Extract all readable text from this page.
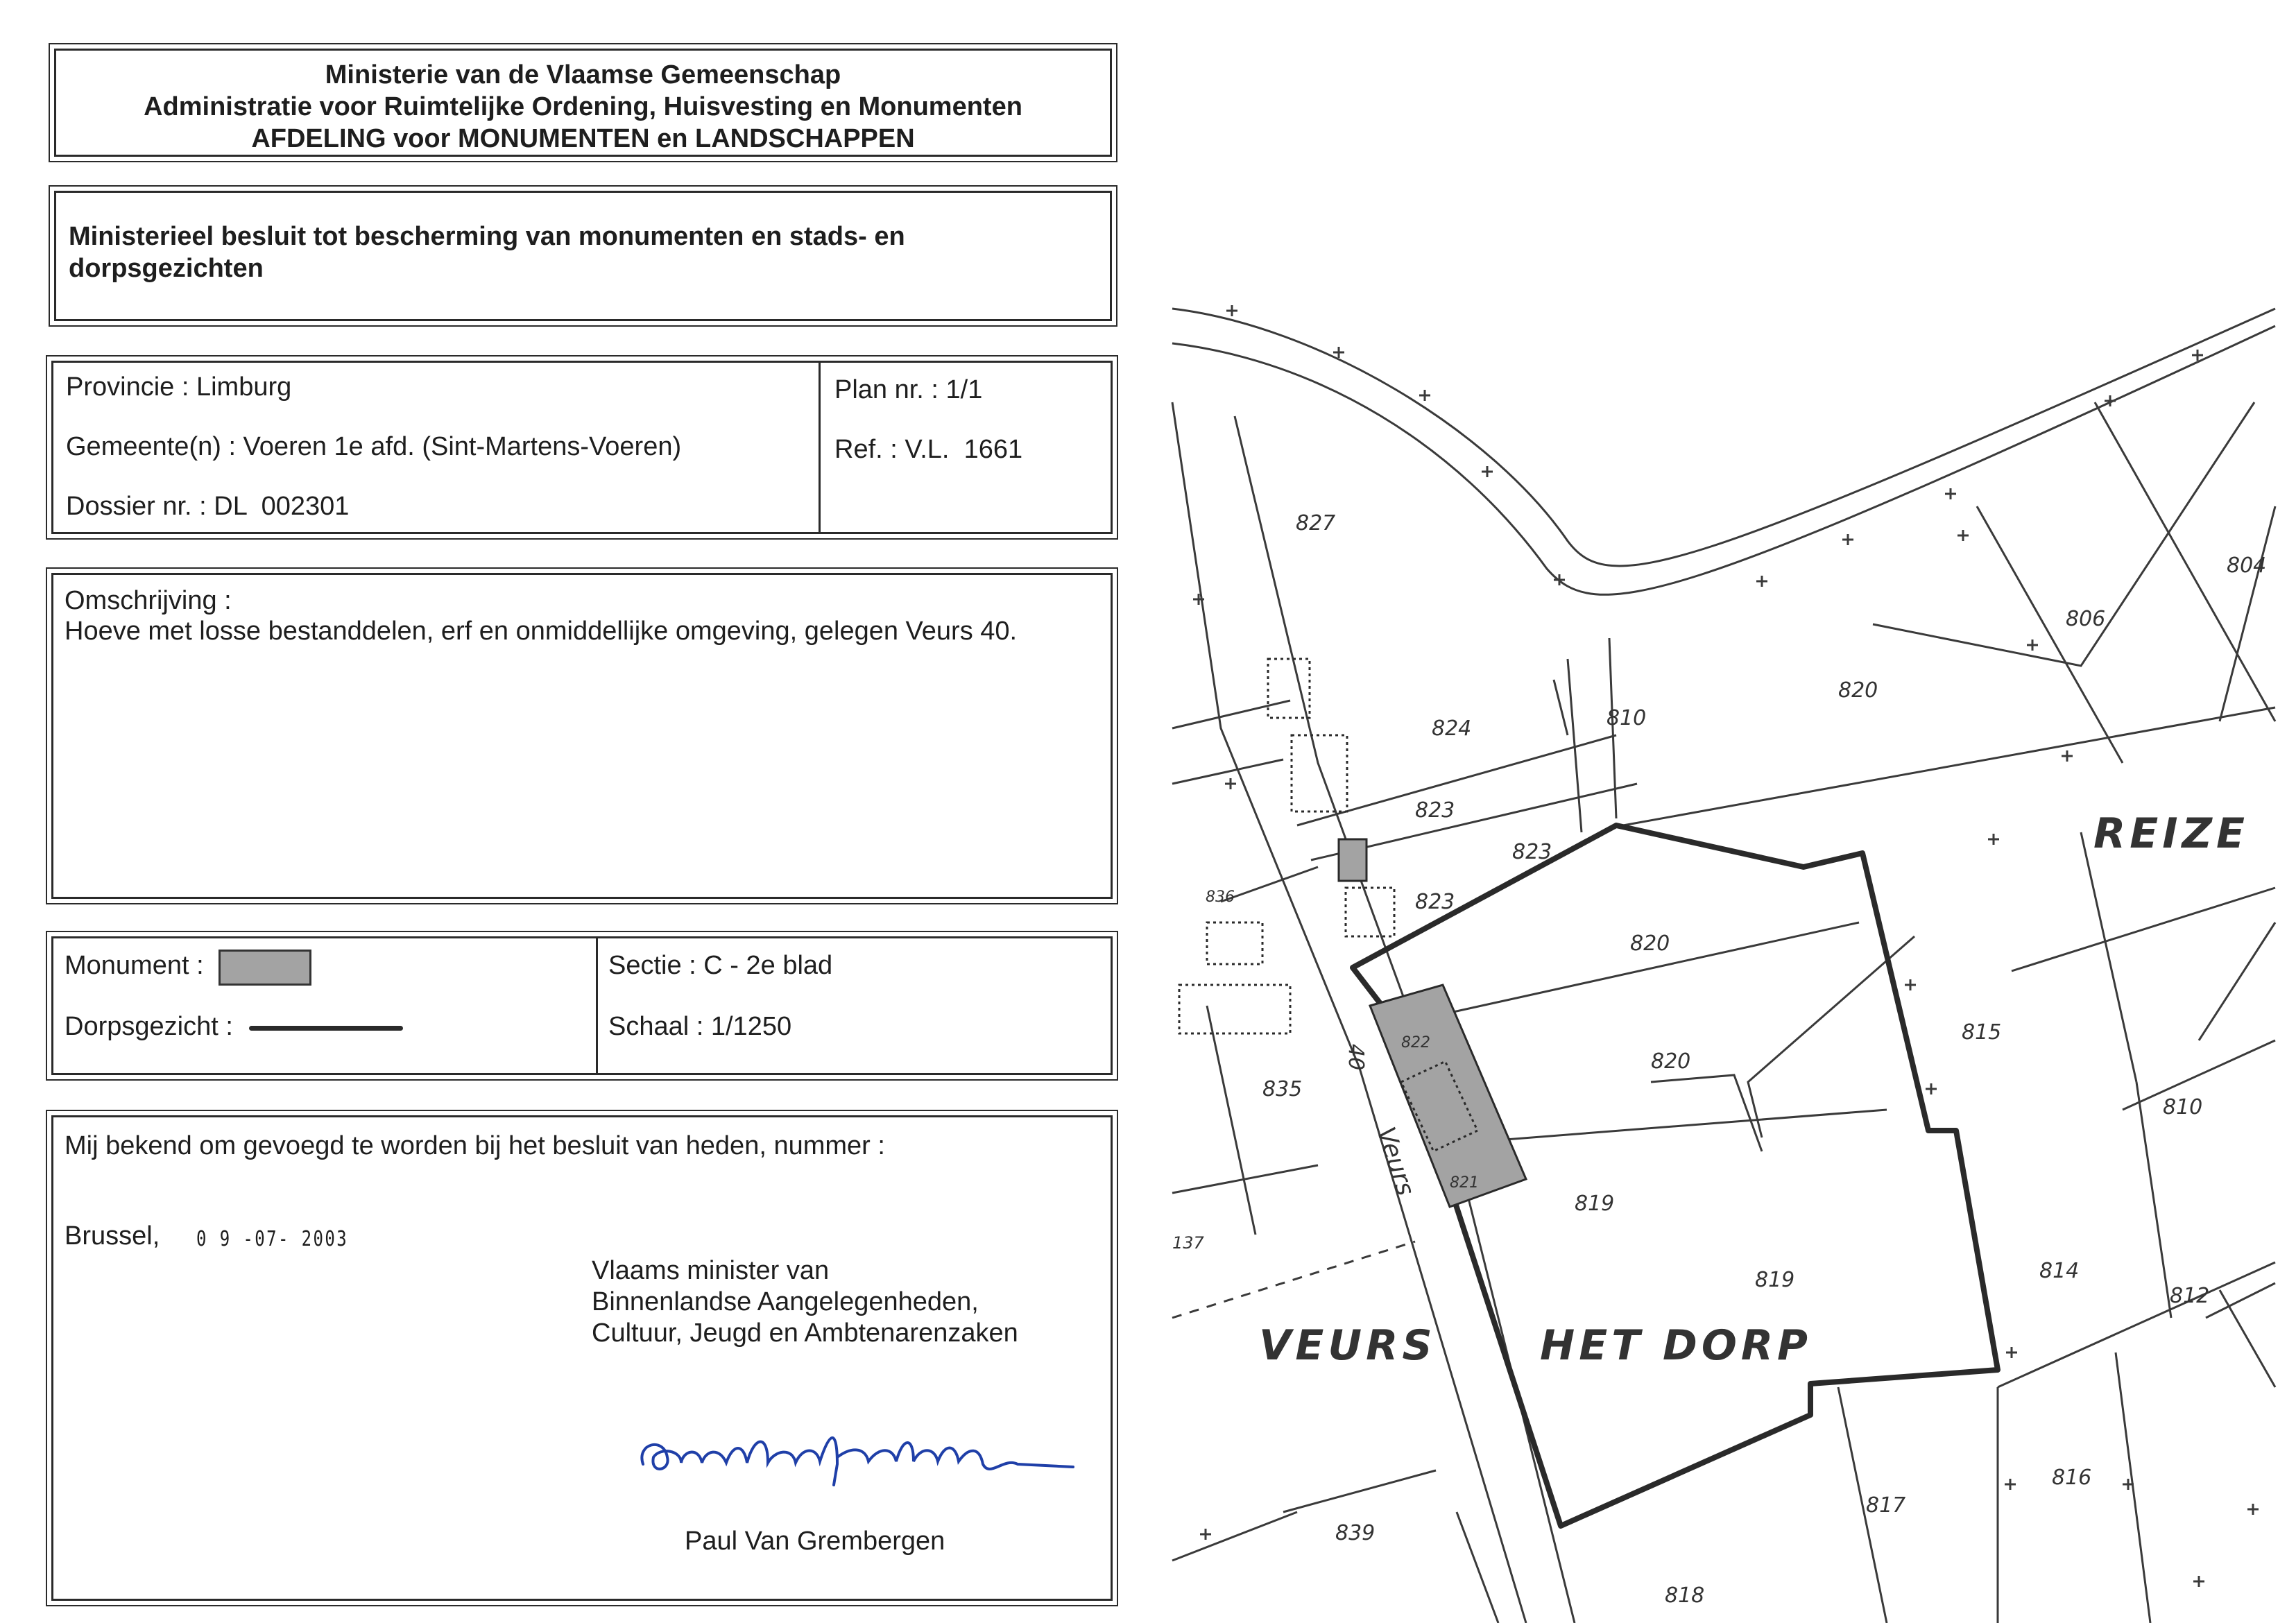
Ministerie van de Vlaamse Gemeenschap
Administratie voor Ruimtelijke Ordening, Huisvesting en Monumenten
AFDELING voor MONUMENTEN en LANDSCHAPPEN
Ministerieel besluit tot bescherming van monumenten en stads- en dorpsgezichten
Provincie : Limburg
Gemeente(n) : Voeren 1e afd. (Sint-Martens-Voeren)
Dossier nr. : DL  002301
Plan nr. : 1/1
Ref. : V.L.  1661
Omschrijving :
Hoeve met losse bestanddelen, erf en onmiddellijke omgeving, gelegen Veurs 40.
Monument :
Dorpsgezicht :
Sectie : C - 2e blad
Schaal : 1/1250
Mij bekend om gevoegd te worden bij het besluit van heden, nummer :
Brussel, 0 9 -07- 2003
Vlaams minister van
Binnenlandse Aangelegenheden,
Cultuur, Jeugd en Ambtenarenzaken
Paul Van Grembergen
VEURS HET DORP
REIZE
Veurs
40
827
824
823
823
823
820
820
820
810
806
804
815
810
814
812
816
817
818
819
819
821
822
835
836
839
137
